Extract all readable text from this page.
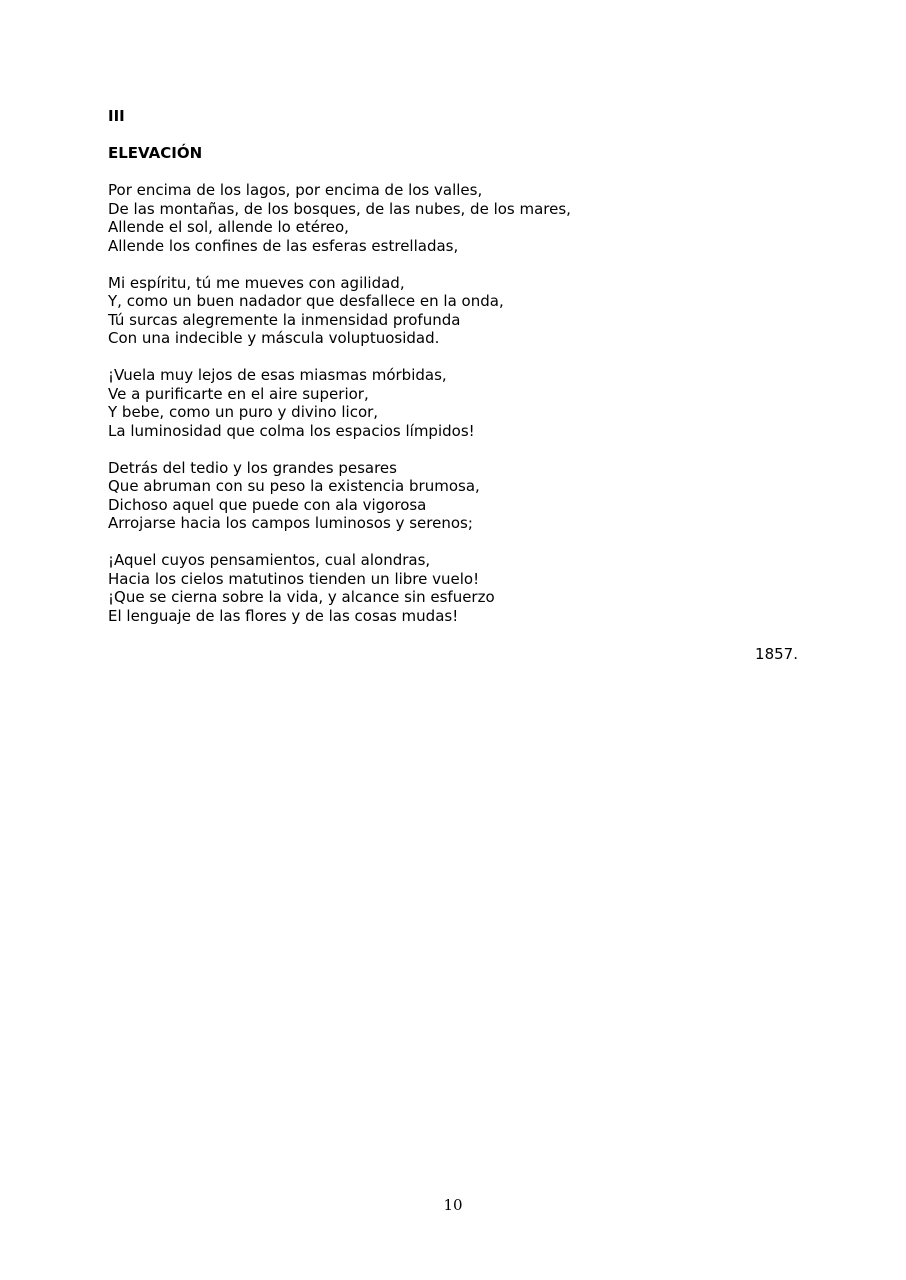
III
ELEVACIÓN
Por encima de los lagos, por encima de los valles,
De las montañas, de los bosques, de las nubes, de los mares,
Allende el sol, allende lo etéreo,
Allende los confines de las esferas estrelladas,
Mi espíritu, tú me mueves con agilidad,
Y, como un buen nadador que desfallece en la onda,
Tú surcas alegremente la inmensidad profunda
Con una indecible y máscula voluptuosidad.
¡Vuela muy lejos de esas miasmas mórbidas,
Ve a purificarte en el aire superior,
Y bebe, como un puro y divino licor,
La luminosidad que colma los espacios límpidos!
Detrás del tedio y los grandes pesares
Que abruman con su peso la existencia brumosa,
Dichoso aquel que puede con ala vigorosa
Arrojarse hacia los campos luminosos y serenos;
¡Aquel cuyos pensamientos, cual alondras,
Hacia los cielos matutinos tienden un libre vuelo!
¡Que se cierna sobre la vida, y alcance sin esfuerzo
El lenguaje de las flores y de las cosas mudas!
1857.
10
